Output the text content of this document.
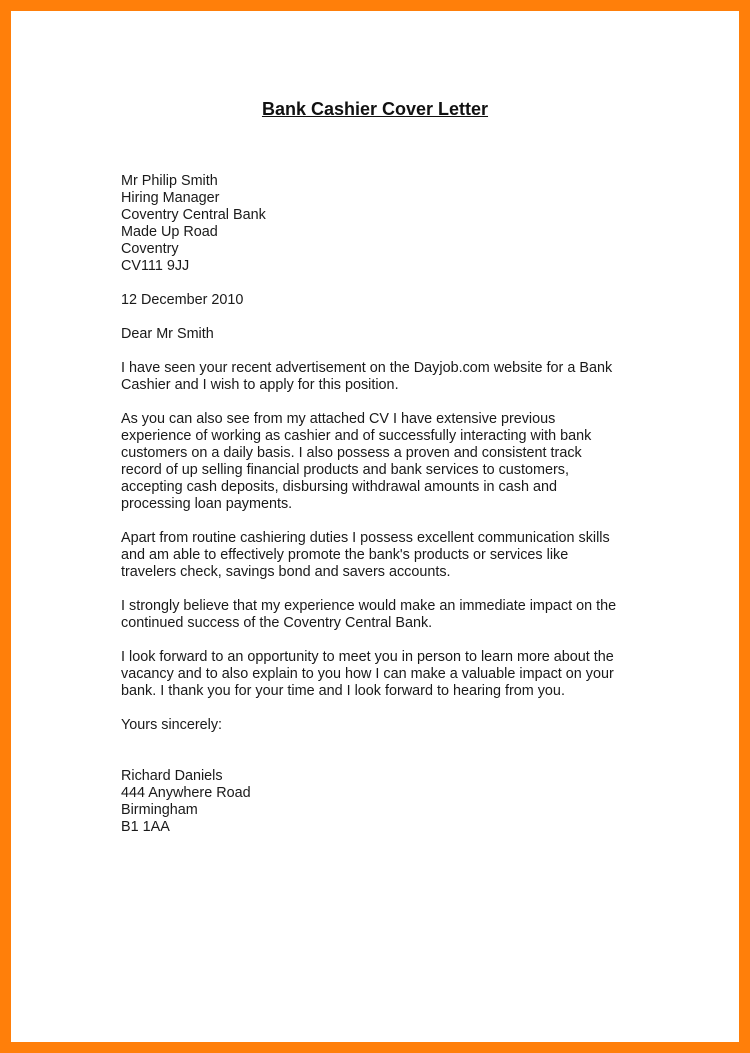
Bank Cashier Cover Letter
Mr Philip Smith
Hiring Manager
Coventry Central Bank
Made Up Road
Coventry
CV111 9JJ
12 December 2010
Dear Mr Smith
I have seen your recent advertisement on the Dayjob.com website for a Bank
Cashier and I wish to apply for this position.
As you can also see from my attached CV I have extensive previous
experience of working as cashier and of successfully interacting with bank
customers on a daily basis. I also possess a proven and consistent track
record of up selling financial products and bank services to customers,
accepting cash deposits, disbursing withdrawal amounts in cash and
processing loan payments.
Apart from routine cashiering duties I possess excellent communication skills
and am able to effectively promote the bank's products or services like
travelers check, savings bond and savers accounts.
I strongly believe that my experience would make an immediate impact on the
continued success of the Coventry Central Bank.
I look forward to an opportunity to meet you in person to learn more about the
vacancy and to also explain to you how I can make a valuable impact on your
bank. I thank you for your time and I look forward to hearing from you.
Yours sincerely:
Richard Daniels
444 Anywhere Road
Birmingham
B1 1AA
